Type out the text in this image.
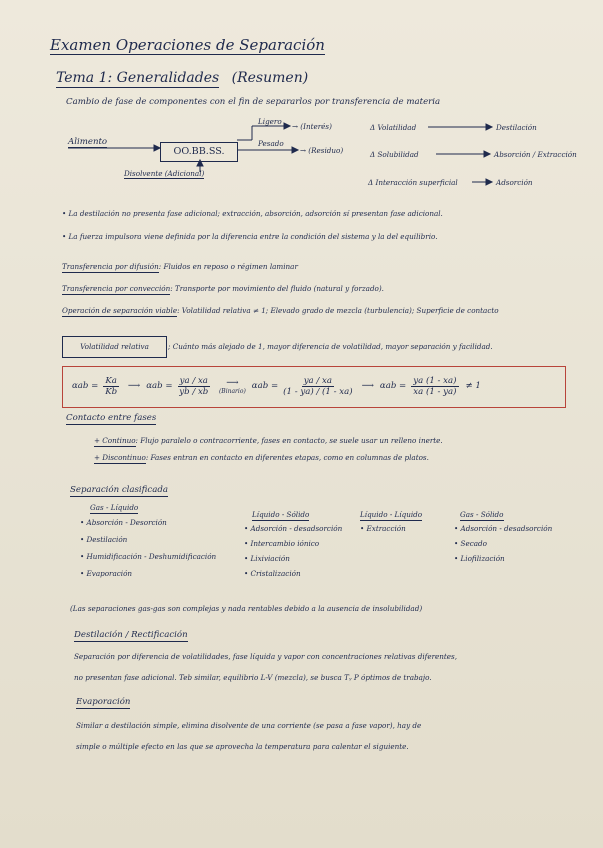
Examen Operaciones de Separación
Tema 1: Generalidades (Resumen)
Cambio de fase de componentes con el fin de separarlos por transferencia de materia
Alimento
OO.BB.SS.
Ligero
→ (Interés)
Pesado
→ (Residuo)
Disolvente (Adicional)
Δ Volatilidad	Destilación
Δ Solubilidad	Absorción / Extracción
Δ Interacción superficial	Adsorción
• La destilación no presenta fase adicional; extracción, absorción, adsorción sí presentan fase adicional.
• La fuerza impulsora viene definida por la diferencia entre la condición del sistema y la del equilibrio.
Transferencia por difusión: Fluidos en reposo o régimen laminar
Transferencia por convección: Transporte por movimiento del fluido (natural y forzado).
Operación de separación viable: Volatilidad relativa ≠ 1; Elevado grado de mezcla (turbulencia); Superficie de contacto
Volatilidad relativa	; Cuánto más alejado de 1, mayor diferencia de volatilidad, mayor separación y facilidad.
$\alpha ab = \frac{Ka}{Kb}$ ⟶ $\alpha ab = \frac{ya / xa}{yb / xb}$ ⟶
(Binario) $\alpha ab = \frac{ya / xa}{(1 - ya) / (1 - xa)}$ ⟶ $\alpha ab = \frac{ya (1 - xa)}{xa (1 - ya)} \ne 1$
Contacto entre fases
+ Continuo: Flujo paralelo o contracorriente, fases en contacto, se suele usar un relleno inerte.
+ Discontinuo: Fases entran en contacto en diferentes etapas, como en columnas de platos.
Separación clasificada
Gas - Líquido
• Absorción - Desorción
• Destilación
• Humidificación - Deshumidificación
• Evaporación
Líquido - Sólido
• Adsorción - desadsorción
• Intercambio iónico
• Lixiviación
• Cristalización
Líquido - Líquido
• Extracción
Gas - Sólido
• Adsorción - desadsorción
• Secado
• Liofilización
(Las separaciones gas-gas son complejas y nada rentables debido a la ausencia de insolubilidad)
Destilación / Rectificación
Separación por diferencia de volatilidades, fase líquida y vapor con concentraciones relativas diferentes,
no presentan fase adicional. Teb similar, equilibrio L-V (mezcla), se busca Tᵧ P óptimos de trabajo.
Evaporación
Similar a destilación simple, elimina disolvente de una corriente (se pasa a fase vapor), hay de
simple o múltiple efecto en las que se aprovecha la temperatura para calentar el siguiente.
